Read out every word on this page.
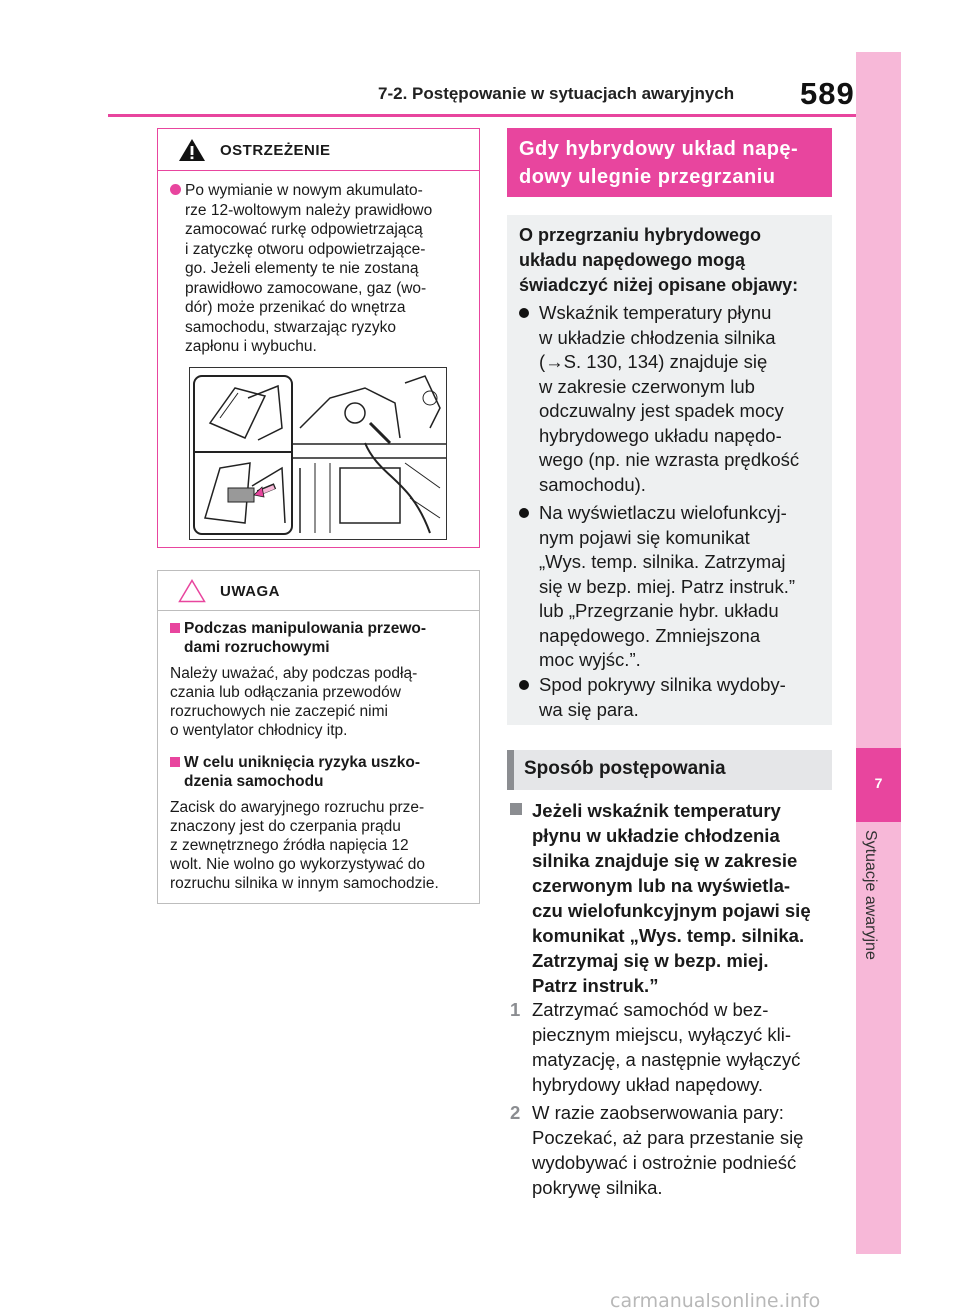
7-2. Postępowanie w sytuacjach awaryjnych 589
7
Sytuacje awaryjne
OSTRZEŻENIE
Po wymianie w nowym akumulato-
rze 12-woltowym należy prawidłowo
zamocować rurkę odpowietrzającą
i zatyczkę otworu odpowietrzające-
go. Jeżeli elementy te nie zostaną
prawidłowo zamocowane, gaz (wo-
dór) może przenikać do wnętrza
samochodu, stwarzając ryzyko
zapłonu i wybuchu.
UWAGA
Podczas manipulowania przewo-
dami rozruchowymi
Należy uważać, aby podczas podłą-
czania lub odłączania przewodów
rozruchowych nie zaczepić nimi
o wentylator chłodnicy itp.
W celu uniknięcia ryzyka uszko-
dzenia samochodu
Zacisk do awaryjnego rozruchu prze-
znaczony jest do czerpania prądu
z zewnętrznego źródła napięcia 12
wolt. Nie wolno go wykorzystywać do
rozruchu silnika w innym samochodzie.
Gdy hybrydowy układ napę-
dowy ulegnie przegrzaniu
O przegrzaniu hybrydowego
układu napędowego mogą
świadczyć niżej opisane objawy:
Wskaźnik temperatury płynu
w układzie chłodzenia silnika
(→S. 130, 134) znajduje się
w zakresie czerwonym lub
odczuwalny jest spadek mocy
hybrydowego układu napędo-
wego (np. nie wzrasta prędkość
samochodu).
Na wyświetlaczu wielofunkcyj-
nym pojawi się komunikat
„Wys. temp. silnika. Zatrzymaj
się w bezp. miej. Patrz instruk.”
lub „Przegrzanie hybr. układu
napędowego. Zmniejszona
moc wyjśc.”.
Spod pokrywy silnika wydoby-
wa się para.
Sposób postępowania
Jeżeli wskaźnik temperatury
płynu w układzie chłodzenia
silnika znajduje się w zakresie
czerwonym lub na wyświetla-
czu wielofunkcyjnym pojawi się
komunikat „Wys. temp. silnika.
Zatrzymaj się w bezp. miej.
Patrz instruk.”
1 Zatrzymać samochód w bez-
piecznym miejscu, wyłączyć kli-
matyzację, a następnie wyłączyć
hybrydowy układ napędowy.
2 W razie zaobserwowania pary:
Poczekać, aż para przestanie się
wydobywać i ostrożnie podnieść
pokrywę silnika.
carmanualsonline.info
